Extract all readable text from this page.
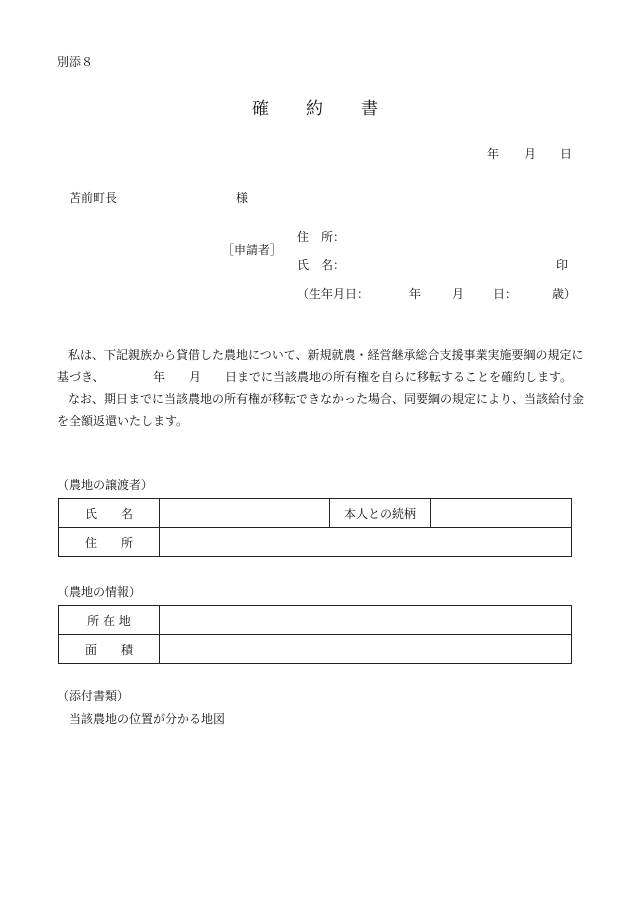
別添８
確 約 書
年 月 日
苫前町長	様
［申請者］
住　所：
氏　名：	印
（生年月日：	年	月 日：	歳）
私は、下記親族から貸借した農地について、新規就農・経営継承総合支援事業実施要綱の規定に
基づき、	年 月 日までに当該農地の所有権を自らに移転することを確約します。
なお、期日までに当該農地の所有権が移転できなかった場合、同要綱の規定により、当該給付金
を全額返還いたします。
（農地の譲渡者）
氏　　名		本人との続柄	
住　　所			
（農地の情報）
所 在 地	
面　　積	
（添付書類）
当該農地の位置が分かる地図
